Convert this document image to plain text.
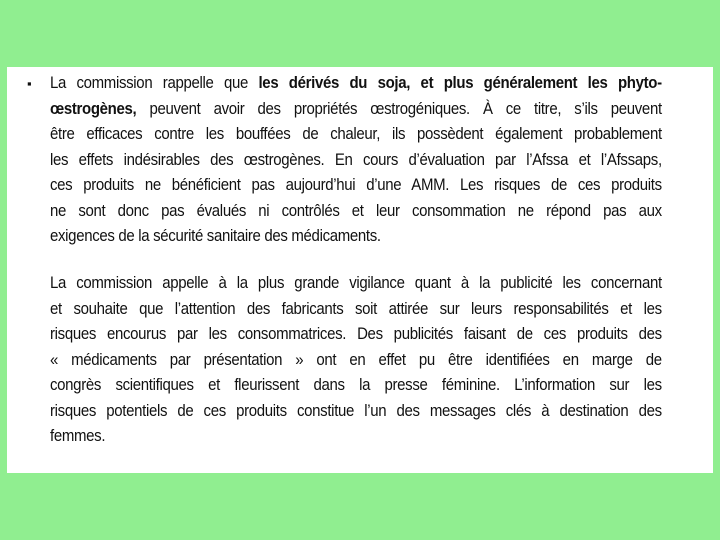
▪ La commission rappelle que les dérivés du soja, et plus généralement les phyto-
œstrogènes, peuvent avoir des propriétés œstrogéniques. À ce titre, s’ils peuvent
être efficaces contre les bouffées de chaleur, ils possèdent également probablement
les effets indésirables des œstrogènes. En cours d’évaluation par l’Afssa et l’Afssaps,
ces produits ne bénéficient pas aujourd’hui d’une AMM. Les risques de ces produits
ne sont donc pas évalués ni contrôlés et leur consommation ne répond pas aux
exigences de la sécurité sanitaire des médicaments.
La commission appelle à la plus grande vigilance quant à la publicité les concernant
et souhaite que l’attention des fabricants soit attirée sur leurs responsabilités et les
risques encourus par les consommatrices. Des publicités faisant de ces produits des
« médicaments par présentation » ont en effet pu être identifiées en marge de
congrès scientifiques et fleurissent dans la presse féminine. L’information sur les
risques potentiels de ces produits constitue l’un des messages clés à destination des
femmes.
